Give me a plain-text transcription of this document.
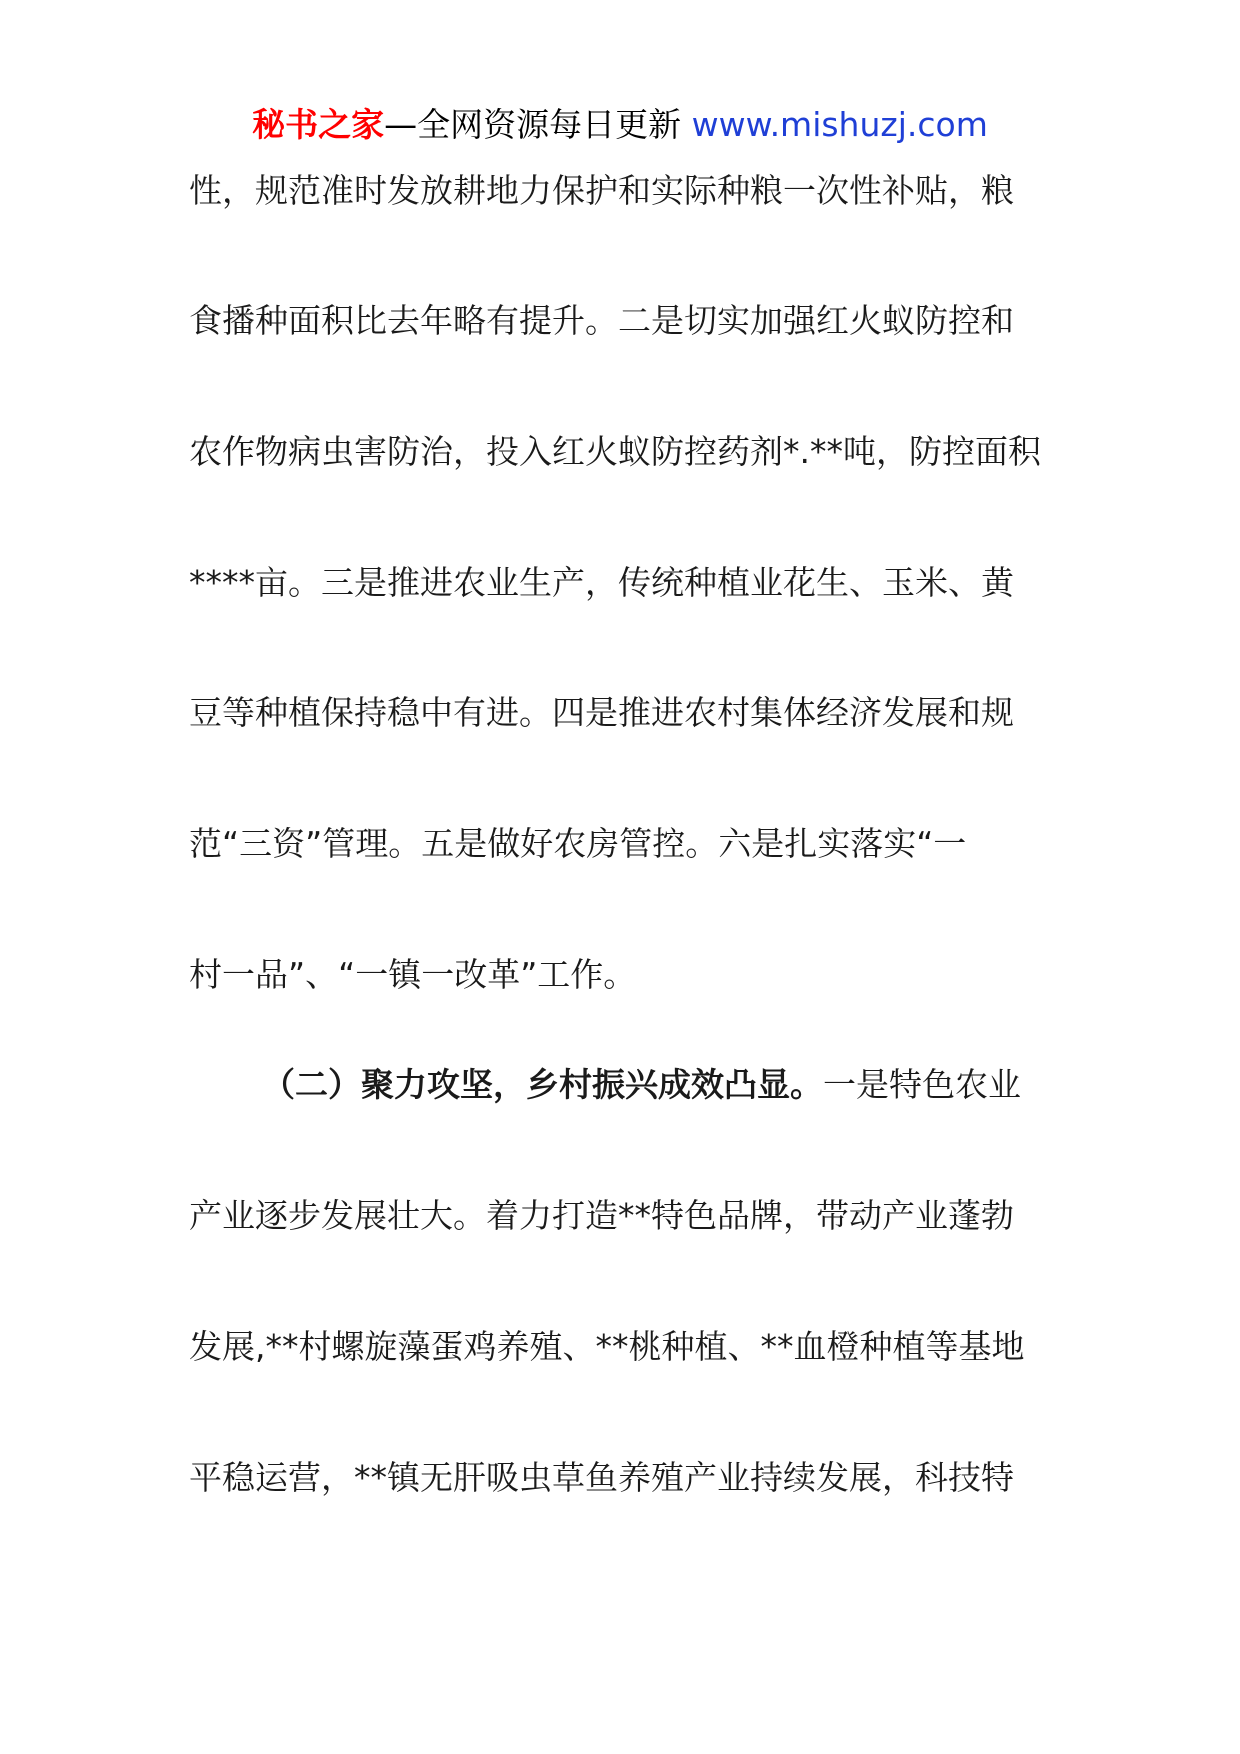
秘书之家—全网资源每日更新 www.mishuzj.com
性，规范准时发放耕地力保护和实际种粮一次性补贴，粮
食播种面积比去年略有提升。二是切实加强红火蚁防控和
农作物病虫害防治，投入红火蚁防控药剂*.**吨，防控面积
****亩。三是推进农业生产，传统种植业花生、玉米、黄
豆等种植保持稳中有进。四是推进农村集体经济发展和规
范“三资”管理。五是做好农房管控。六是扎实落实“一
村一品”、“一镇一改革”工作。
（二）聚力攻坚，乡村振兴成效凸显。一是特色农业
产业逐步发展壮大。着力打造**特色品牌，带动产业蓬勃
发展,**村螺旋藻蛋鸡养殖、**桃种植、**血橙种植等基地
平稳运营，**镇无肝吸虫草鱼养殖产业持续发展，科技特
